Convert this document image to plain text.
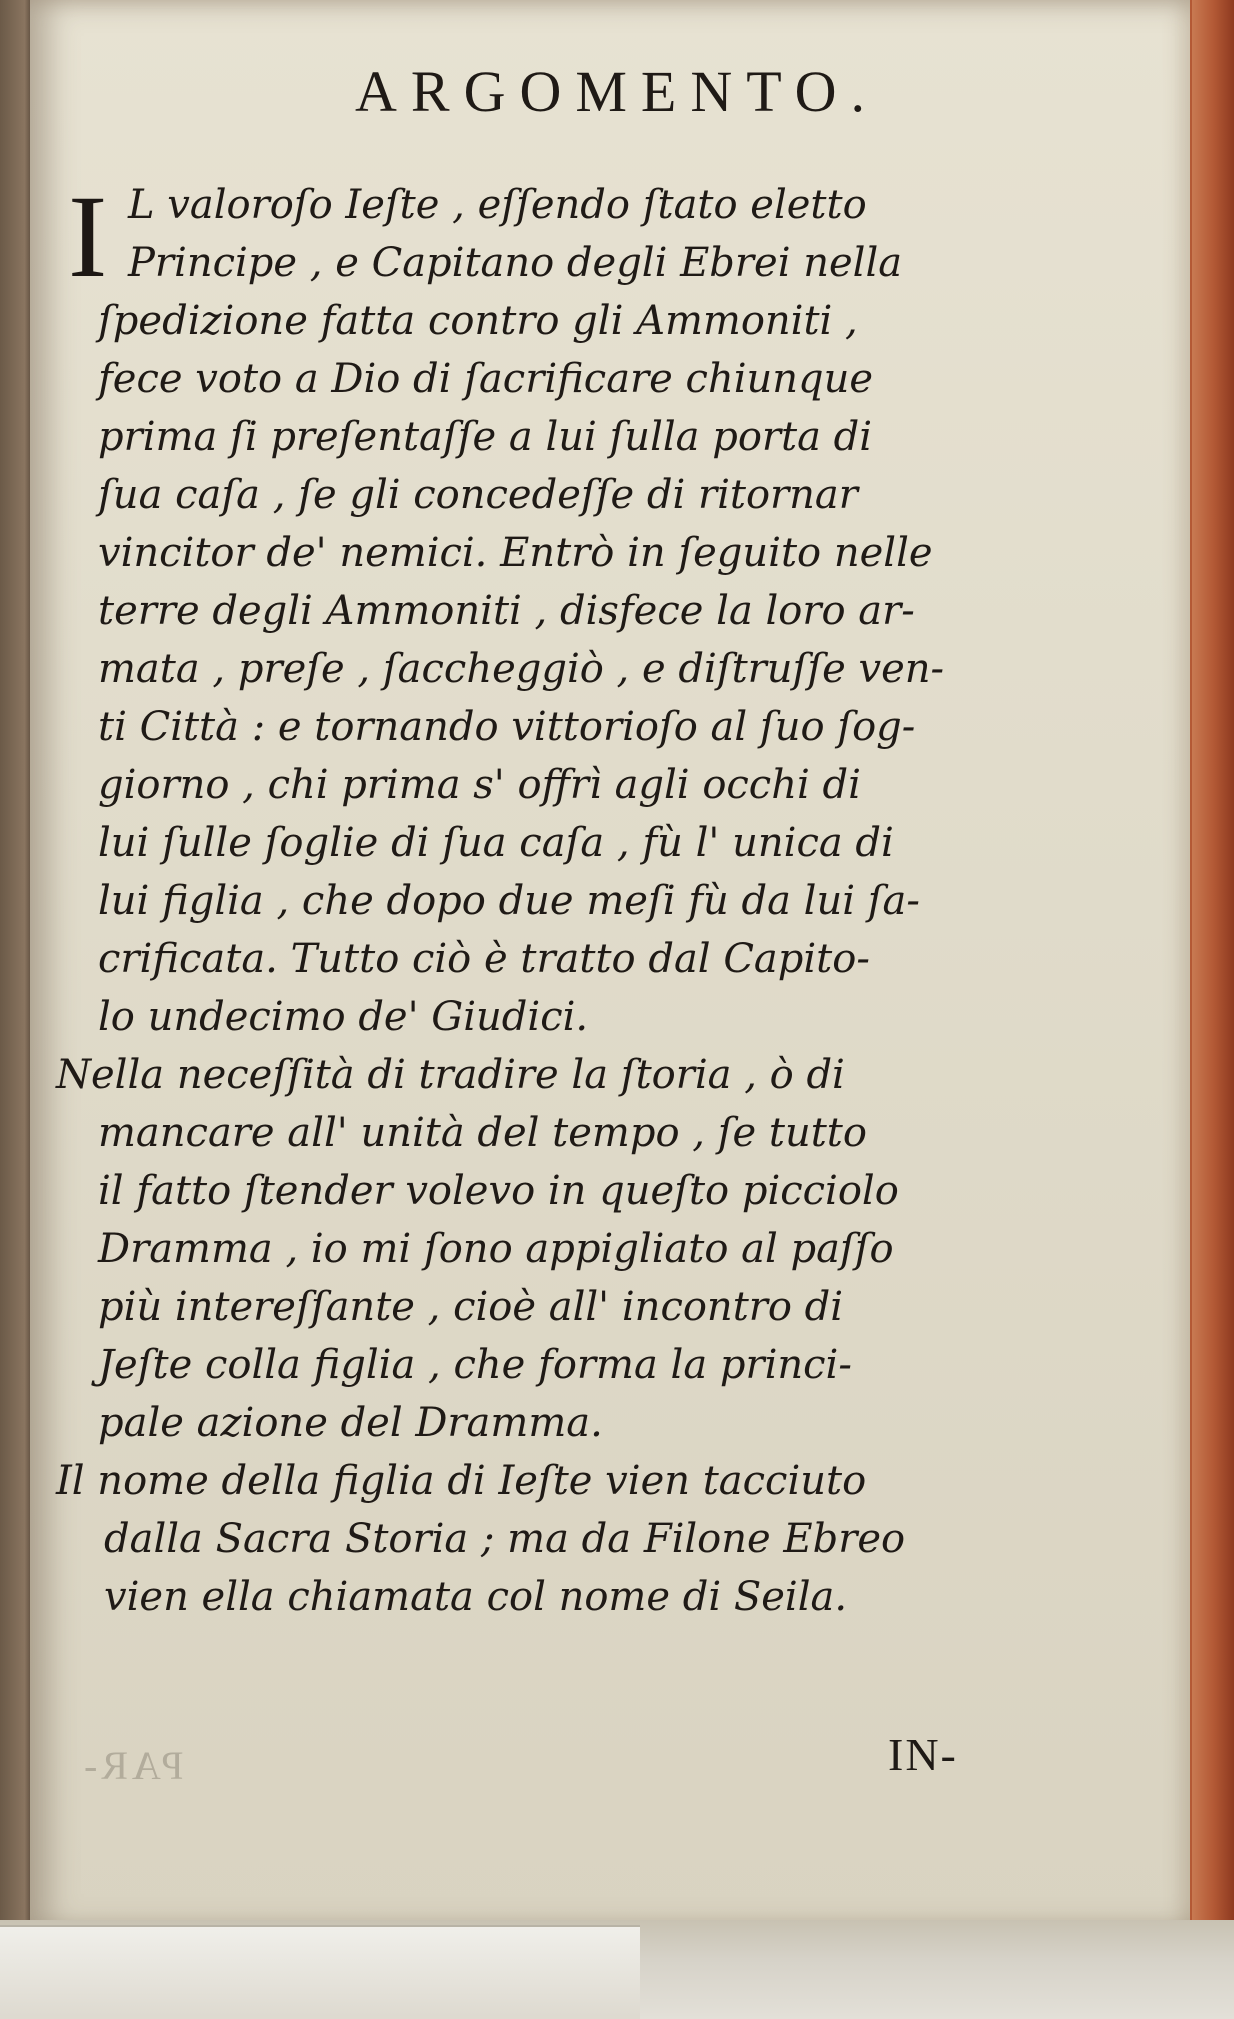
ARGOMENTO.
I

L valoroſo Ieſte , eſſendo ſtato eletto

Principe , e Capitano degli Ebrei nella

ſpedizione fatta contro gli Ammoniti ,

fece voto a Dio di ſacrificare chiunque

prima ſi preſentaſſe a lui ſulla porta di

ſua caſa , ſe gli concedeſſe di ritornar

vincitor de' nemici. Entrò in ſeguito nelle

terre degli Ammoniti , disfece la loro ar-

mata , preſe , ſaccheggiò , e diſtruſſe ven-

ti Città : e tornando vittorioſo al ſuo ſog-

giorno , chi prima s' offrì agli occhi di

lui ſulle ſoglie di ſua caſa , fù l' unica di

lui figlia , che dopo due meſi fù da lui ſa-

crificata. Tutto ciò è tratto dal Capito-

lo undecimo de' Giudici.

Nella neceſſità di tradire la ſtoria , ò di

mancare all' unità del tempo , ſe tutto

il fatto ſtender volevo in queſto picciolo

Dramma , io mi ſono appigliato al paſſo

più intereſſante , cioè all' incontro di

Jeſte colla figlia , che forma la princi-

pale azione del Dramma.

Il nome della figlia di Ieſte vien tacciuto

dalla Sacra Storia ; ma da Filone Ebreo

vien ella chiamata col nome di Seila.

PAR-	IN-
